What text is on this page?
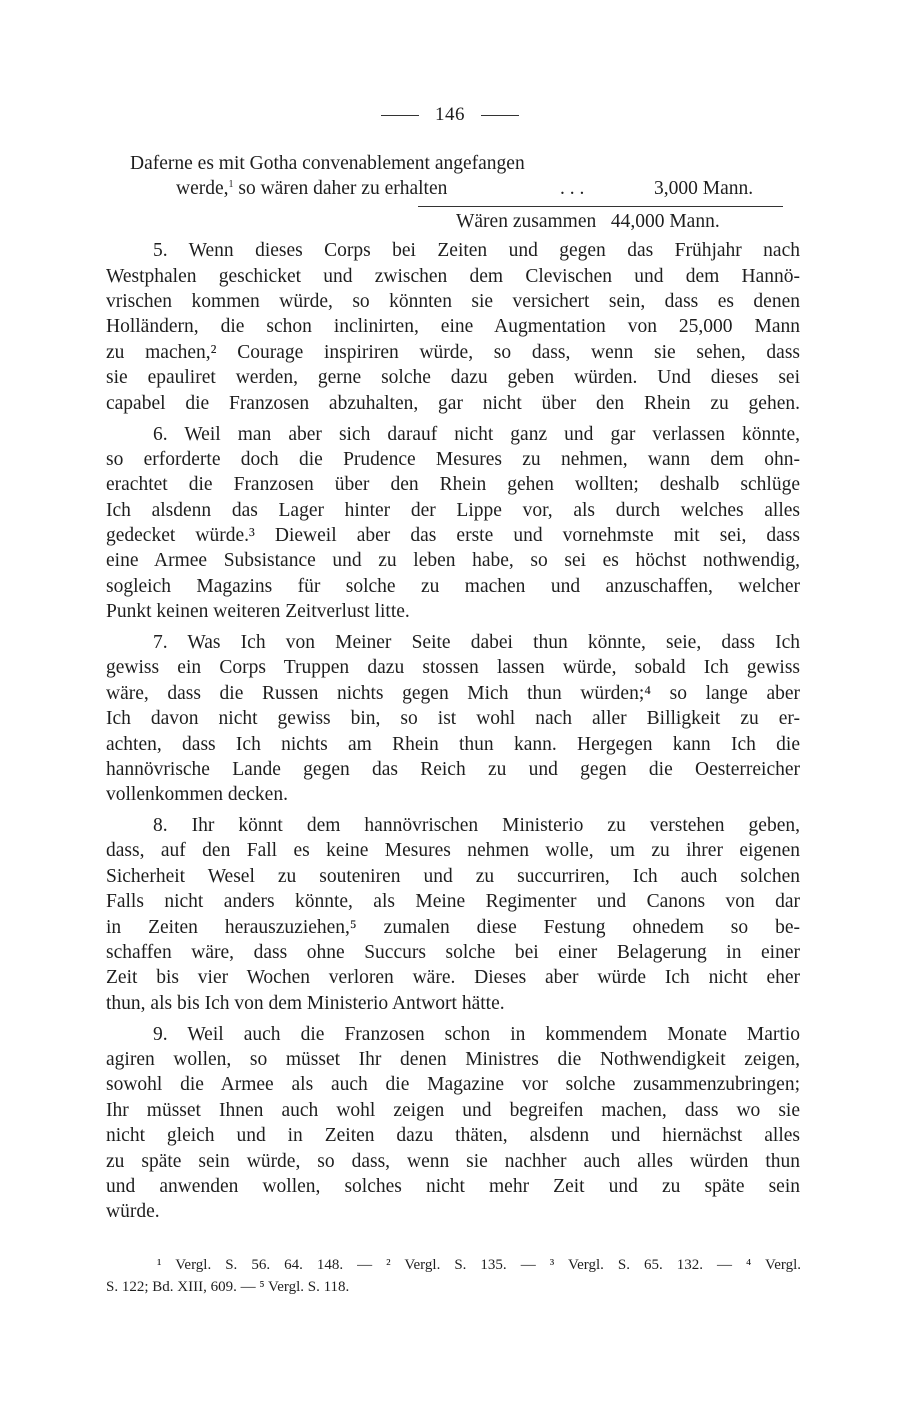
146
Daferne es mit Gotha convenablement angefangen
werde,$^1$ so wären daher zu erhalten	. . .	3,000 Mann.
Wären zusammen   44,000 Mann.
5. Wenn dieses Corps bei Zeiten und gegen das Frühjahr nach
Westphalen geschicket und zwischen dem Clevischen und dem Hannö-
vrischen kommen würde, so könnten sie versichert sein, dass es denen
Holländern, die schon inclinirten, eine Augmentation von 25,000 Mann
zu machen,² Courage inspiriren würde, so dass, wenn sie sehen, dass
sie epauliret werden, gerne solche dazu geben würden. Und dieses sei
capabel die Franzosen abzuhalten, gar nicht über den Rhein zu gehen.
6. Weil man aber sich darauf nicht ganz und gar verlassen könnte,
so erforderte doch die Prudence Mesures zu nehmen, wann dem ohn-
erachtet die Franzosen über den Rhein gehen wollten; deshalb schlüge
Ich alsdenn das Lager hinter der Lippe vor, als durch welches alles
gedecket würde.³ Dieweil aber das erste und vornehmste mit sei, dass
eine Armee Subsistance und zu leben habe, so sei es höchst nothwendig,
sogleich Magazins für solche zu machen und anzuschaffen, welcher
Punkt keinen weiteren Zeitverlust litte.
7. Was Ich von Meiner Seite dabei thun könnte, seie, dass Ich
gewiss ein Corps Truppen dazu stossen lassen würde, sobald Ich gewiss
wäre, dass die Russen nichts gegen Mich thun würden;⁴ so lange aber
Ich davon nicht gewiss bin, so ist wohl nach aller Billigkeit zu er-
achten, dass Ich nichts am Rhein thun kann. Hergegen kann Ich die
hannövrische Lande gegen das Reich zu und gegen die Oesterreicher
vollenkommen decken.
8. Ihr könnt dem hannövrischen Ministerio zu verstehen geben,
dass, auf den Fall es keine Mesures nehmen wolle, um zu ihrer eigenen
Sicherheit Wesel zu souteniren und zu succurriren, Ich auch solchen
Falls nicht anders könnte, als Meine Regimenter und Canons von dar
in Zeiten herauszuziehen,⁵ zumalen diese Festung ohnedem so be-
schaffen wäre, dass ohne Succurs solche bei einer Belagerung in einer
Zeit bis vier Wochen verloren wäre. Dieses aber würde Ich nicht eher
thun, als bis Ich von dem Ministerio Antwort hätte.
9. Weil auch die Franzosen schon in kommendem Monate Martio
agiren wollen, so müsset Ihr denen Ministres die Nothwendigkeit zeigen,
sowohl die Armee als auch die Magazine vor solche zusammenzubringen;
Ihr müsset Ihnen auch wohl zeigen und begreifen machen, dass wo sie
nicht gleich und in Zeiten dazu thäten, alsdenn und hiernächst alles
zu späte sein würde, so dass, wenn sie nachher auch alles würden thun
und anwenden wollen, solches nicht mehr Zeit und zu späte sein
würde.
¹ Vergl. S. 56. 64. 148. — ² Vergl. S. 135. — ³ Vergl. S. 65. 132. — ⁴ Vergl.
S. 122; Bd. XIII, 609. — ⁵ Vergl. S. 118.
